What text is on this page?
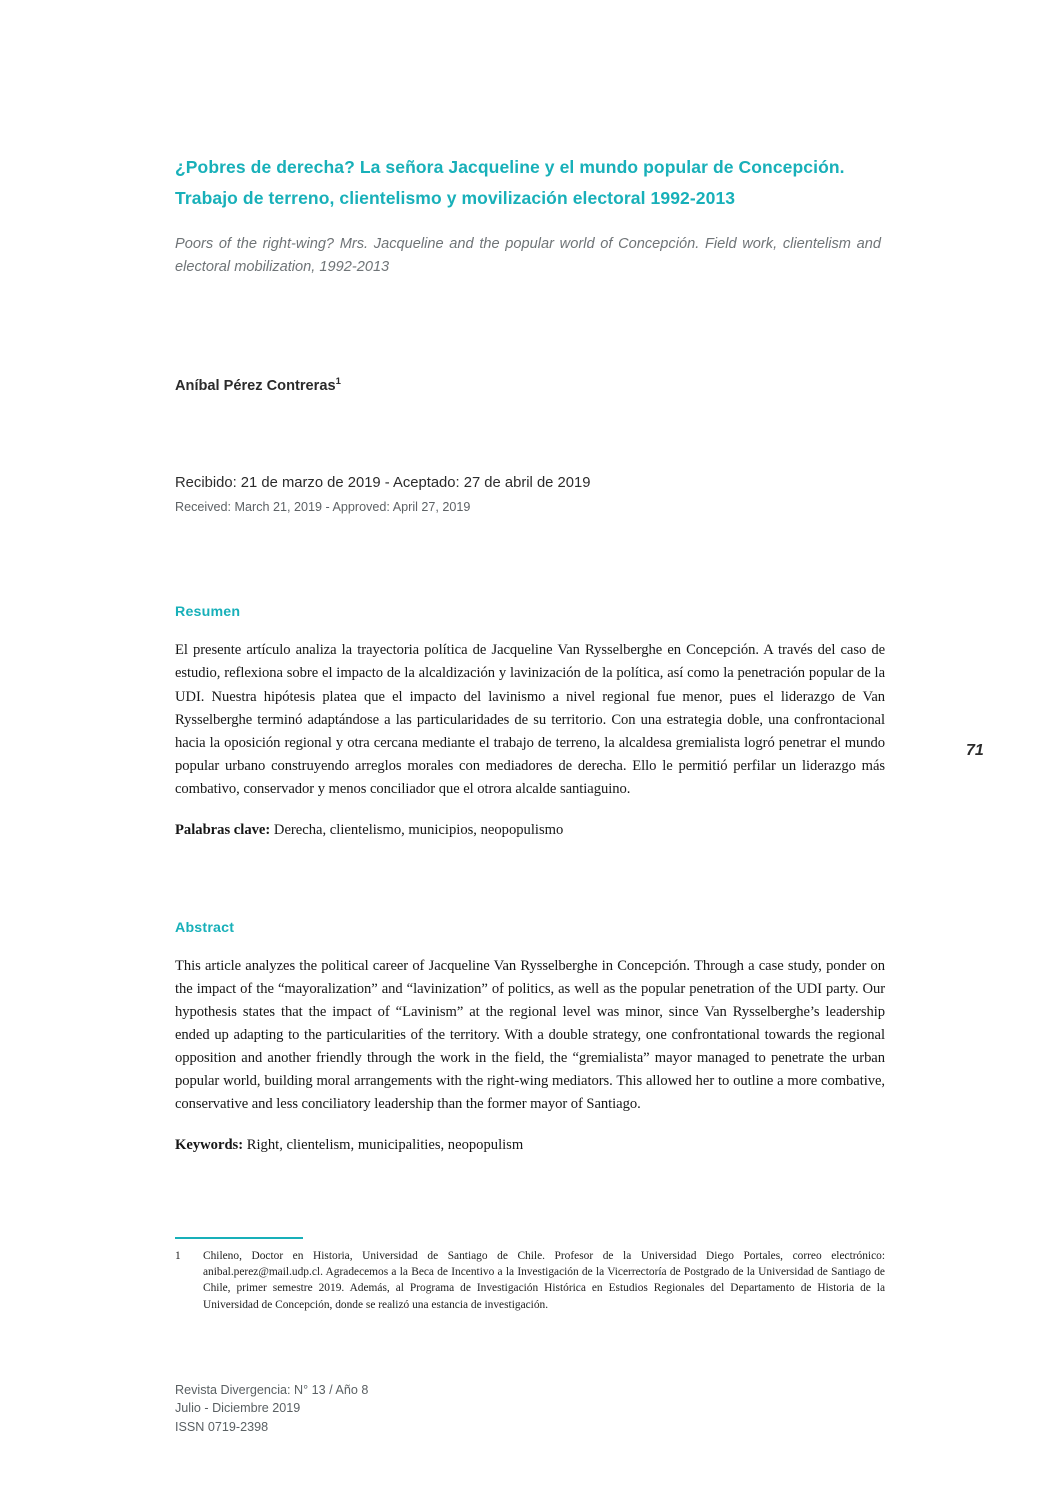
¿Pobres de derecha? La señora Jacqueline y el mundo popular de Concepción. Trabajo de terreno, clientelismo y movilización electoral 1992-2013
Poors of the right-wing? Mrs. Jacqueline and the popular world of Concepción. Field work, clientelism and electoral mobilization, 1992-2013
Aníbal Pérez Contreras$^1$
Recibido: 21 de marzo de 2019 - Aceptado: 27 de abril de 2019
Received: March 21, 2019 - Approved: April 27, 2019
Resumen
El presente artículo analiza la trayectoria política de Jacqueline Van Rysselberghe en Concepción. A través del caso de estudio, reflexiona sobre el impacto de la alcaldización y lavinización de la política, así como la penetración popular de la UDI. Nuestra hipótesis platea que el impacto del lavinismo a nivel regional fue menor, pues el liderazgo de Van Rysselberghe terminó adaptándose a las particularidades de su territorio. Con una estrategia doble, una confrontacional hacia la oposición regional y otra cercana mediante el trabajo de terreno, la alcaldesa gremialista logró penetrar el mundo popular urbano construyendo arreglos morales con mediadores de derecha. Ello le permitió perfilar un liderazgo más combativo, conservador y menos conciliador que el otrora alcalde santiaguino.
Palabras clave: Derecha, clientelismo, municipios, neopopulismo
Abstract
This article analyzes the political career of Jacqueline Van Rysselberghe in Concepción. Through a case study, ponder on the impact of the “mayoralization” and “lavinization” of politics, as well as the popular penetration of the UDI party. Our hypothesis states that the impact of “Lavinism” at the regional level was minor, since Van Rysselberghe’s leadership ended up adapting to the particularities of the territory. With a double strategy, one confrontational towards the regional opposition and another friendly through the work in the field, the “gremialista” mayor managed to penetrate the urban popular world, building moral arrangements with the right-wing mediators. This allowed her to outline a more combative, conservative and less conciliatory leadership than the former mayor of Santiago.
Keywords: Right, clientelism, municipalities, neopopulism
71
1	Chileno, Doctor en Historia, Universidad de Santiago de Chile. Profesor de la Universidad Diego Portales, correo electrónico: anibal.perez@mail.udp.cl. Agradecemos a la Beca de Incentivo a la Investigación de la Vicerrectoría de Postgrado de la Universidad de Santiago de Chile, primer semestre 2019. Además, al Programa de Investigación Histórica en Estudios Regionales del Departamento de Historia de la Universidad de Concepción, donde se realizó una estancia de investigación.
Revista Divergencia: N° 13 / Año 8
Julio - Diciembre 2019
ISSN 0719-2398
